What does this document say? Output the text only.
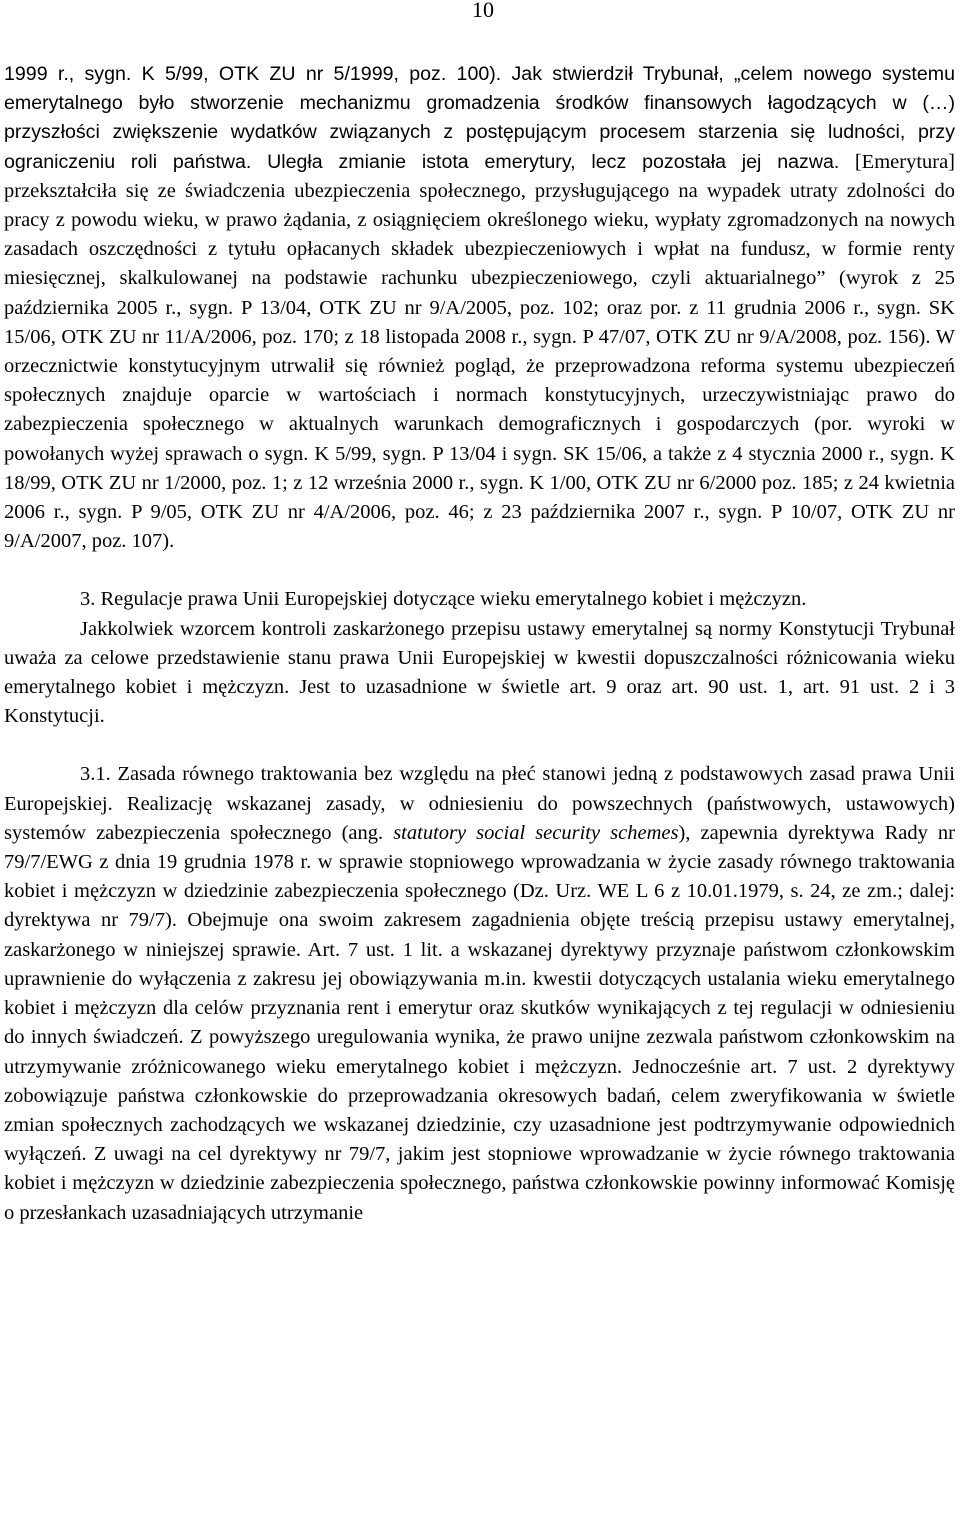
10

1999 r., sygn. K 5/99, OTK ZU nr 5/1999, poz. 100). Jak stwierdził Trybunał, „celem nowego systemu emerytalnego było stworzenie mechanizmu gromadzenia środków finansowych łagodzących w (…) przyszłości zwiększenie wydatków związanych z postępującym procesem starzenia się ludności, przy ograniczeniu roli państwa. Uległa zmianie istota emerytury, lecz pozostała jej nazwa. [Emerytura] przekształciła się ze świadczenia ubezpieczenia społecznego, przysługującego na wypadek utraty zdolności do pracy z powodu wieku, w prawo żądania, z osiągnięciem określonego wieku, wypłaty zgromadzonych na nowych zasadach oszczędności z tytułu opłacanych składek ubezpieczeniowych i wpłat na fundusz, w formie renty miesięcznej, skalkulowanej na podstawie rachunku ubezpieczeniowego, czyli aktuarialnego” (wyrok z 25 października 2005 r., sygn. P 13/04, OTK ZU nr 9/A/2005, poz. 102; oraz por. z 11 grudnia 2006 r., sygn. SK 15/06, OTK ZU nr 11/A/2006, poz. 170; z 18 listopada 2008 r., sygn. P 47/07, OTK ZU nr 9/A/2008, poz. 156). W orzecznictwie konstytucyjnym utrwalił się również pogląd, że przeprowadzona reforma systemu ubezpieczeń społecznych znajduje oparcie w wartościach i normach konstytucyjnych, urzeczywistniając prawo do zabezpieczenia społecznego w aktualnych warunkach demograficznych i gospodarczych (por. wyroki w powołanych wyżej sprawach o sygn. K 5/99, sygn. P 13/04 i sygn. SK 15/06, a także z 4 stycznia 2000 r., sygn. K 18/99, OTK ZU nr 1/2000, poz. 1; z 12 września 2000 r., sygn. K 1/00, OTK ZU nr 6/2000 poz. 185; z 24 kwietnia 2006 r., sygn. P 9/05, OTK ZU nr 4/A/2006, poz. 46; z 23 października 2007 r., sygn. P 10/07, OTK ZU nr 9/A/2007, poz. 107).

3. Regulacje prawa Unii Europejskiej dotyczące wieku emerytalnego kobiet i mężczyzn.

Jakkolwiek wzorcem kontroli zaskarżonego przepisu ustawy emerytalnej są normy Konstytucji Trybunał uważa za celowe przedstawienie stanu prawa Unii Europejskiej w kwestii dopuszczalności różnicowania wieku emerytalnego kobiet i mężczyzn. Jest to uzasadnione w świetle art. 9 oraz art. 90 ust. 1, art. 91 ust. 2 i 3 Konstytucji.

3.1. Zasada równego traktowania bez względu na płeć stanowi jedną z podstawowych zasad prawa Unii Europejskiej. Realizację wskazanej zasady, w odniesieniu do powszechnych (państwowych, ustawowych) systemów zabezpieczenia społecznego (ang. statutory social security schemes), zapewnia dyrektywa Rady nr 79/7/EWG z dnia 19 grudnia 1978 r. w sprawie stopniowego wprowadzania w życie zasady równego traktowania kobiet i mężczyzn w dziedzinie zabezpieczenia społecznego (Dz. Urz. WE L 6 z 10.01.1979, s. 24, ze zm.; dalej: dyrektywa nr 79/7). Obejmuje ona swoim zakresem zagadnienia objęte treścią przepisu ustawy emerytalnej, zaskarżonego w niniejszej sprawie. Art. 7 ust. 1 lit. a wskazanej dyrektywy przyznaje państwom członkowskim uprawnienie do wyłączenia z zakresu jej obowiązywania m.in. kwestii dotyczących ustalania wieku emerytalnego kobiet i mężczyzn dla celów przyznania rent i emerytur oraz skutków wynikających z tej regulacji w odniesieniu do innych świadczeń. Z powyższego uregulowania wynika, że prawo unijne zezwala państwom członkowskim na utrzymywanie zróżnicowanego wieku emerytalnego kobiet i mężczyzn. Jednocześnie art. 7 ust. 2 dyrektywy zobowiązuje państwa członkowskie do przeprowadzania okresowych badań, celem zweryfikowania w świetle zmian społecznych zachodzących we wskazanej dziedzinie, czy uzasadnione jest podtrzymywanie odpowiednich wyłączeń. Z uwagi na cel dyrektywy nr 79/7, jakim jest stopniowe wprowadzanie w życie równego traktowania kobiet i mężczyzn w dziedzinie zabezpieczenia społecznego, państwa członkowskie powinny informować Komisję o przesłankach uzasadniających utrzymanie
